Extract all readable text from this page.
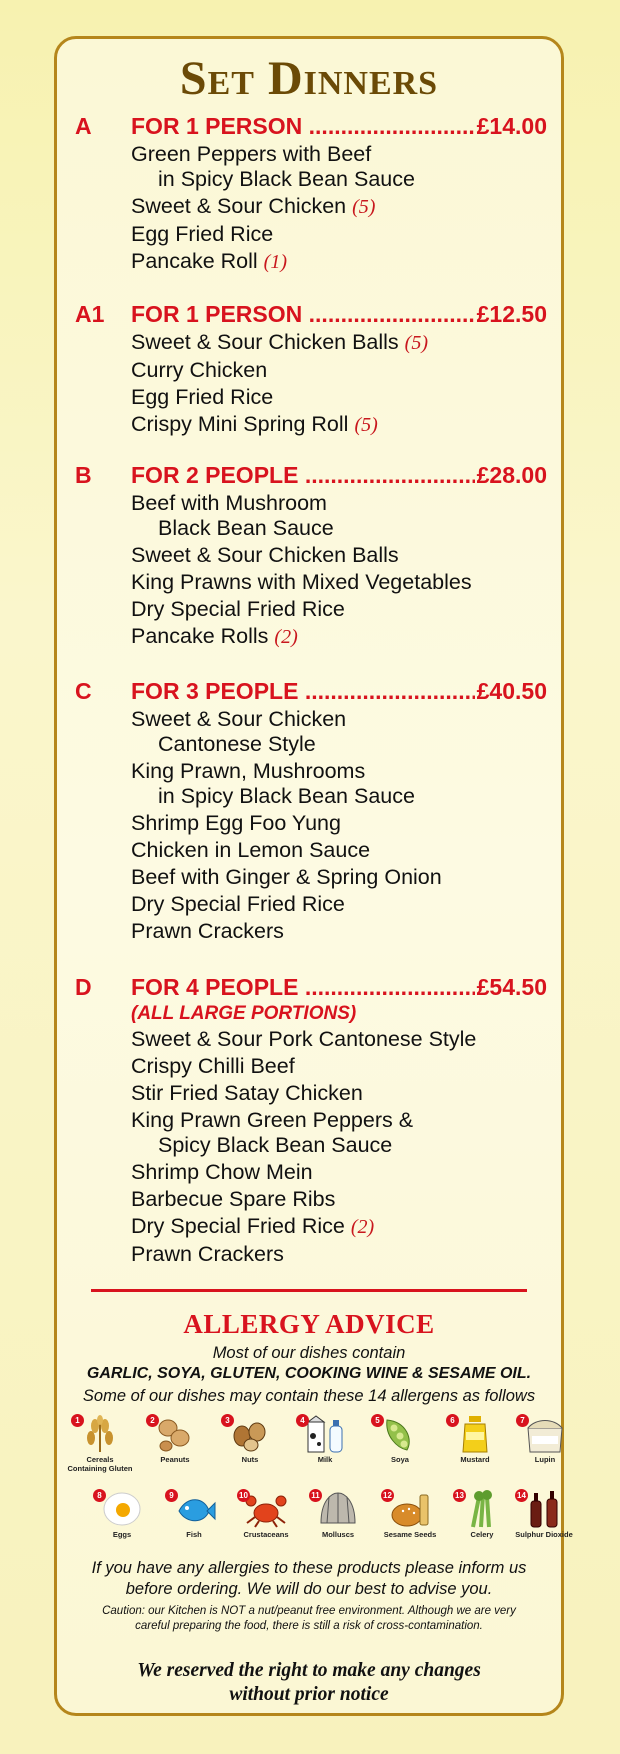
Set Dinners
A	FOR 1 PERSON .....	£14.00
Green Peppers with Beef
in Spicy Black Bean Sauce
Sweet & Sour Chicken (5)
Egg Fried Rice
Pancake Roll (1)
A1	FOR 1 PERSON .....	£12.50
Sweet & Sour Chicken Balls (5)
Curry Chicken
Egg Fried Rice
Crispy Mini Spring Roll (5)
B	FOR 2 PEOPLE .....	£28.00
Beef with Mushroom
Black Bean Sauce
Sweet & Sour Chicken Balls
King Prawns with Mixed Vegetables
Dry Special Fried Rice
Pancake Rolls (2)
C	FOR 3 PEOPLE .....	£40.50
Sweet & Sour Chicken
Cantonese Style
King Prawn, Mushrooms
in Spicy Black Bean Sauce
Shrimp Egg Foo Yung
Chicken in Lemon Sauce
Beef with Ginger & Spring Onion
Dry Special Fried Rice
Prawn Crackers
D	FOR 4 PEOPLE .....	£54.50
(ALL LARGE PORTIONS)
Sweet & Sour Pork Cantonese Style
Crispy Chilli Beef
Stir Fried Satay Chicken
King Prawn Green Peppers &
Spicy Black Bean Sauce
Shrimp Chow Mein
Barbecue Spare Ribs
Dry Special Fried Rice (2)
Prawn Crackers
ALLERGY ADVICE
Most of our dishes contain
GARLIC, SOYA, GLUTEN, COOKING WINE & SESAME OIL.
Some of our dishes may contain these 14 allergens as follows
1
Cereals Containing Gluten
2
Peanuts
3
Nuts
4
Milk
5
Soya
6
Mustard
7
Lupin
8
Eggs
9
Fish
10
Crustaceans
11
Molluscs
12
Sesame Seeds
13
Celery
14
Sulphur Dioxide
If you have any allergies to these products please inform us
before ordering. We will do our best to advise you.
Caution: our Kitchen is NOT a nut/peanut free environment. Although we are very
careful preparing the food, there is still a risk of cross-contamination.
We reserved the right to make any changes
without prior notice
